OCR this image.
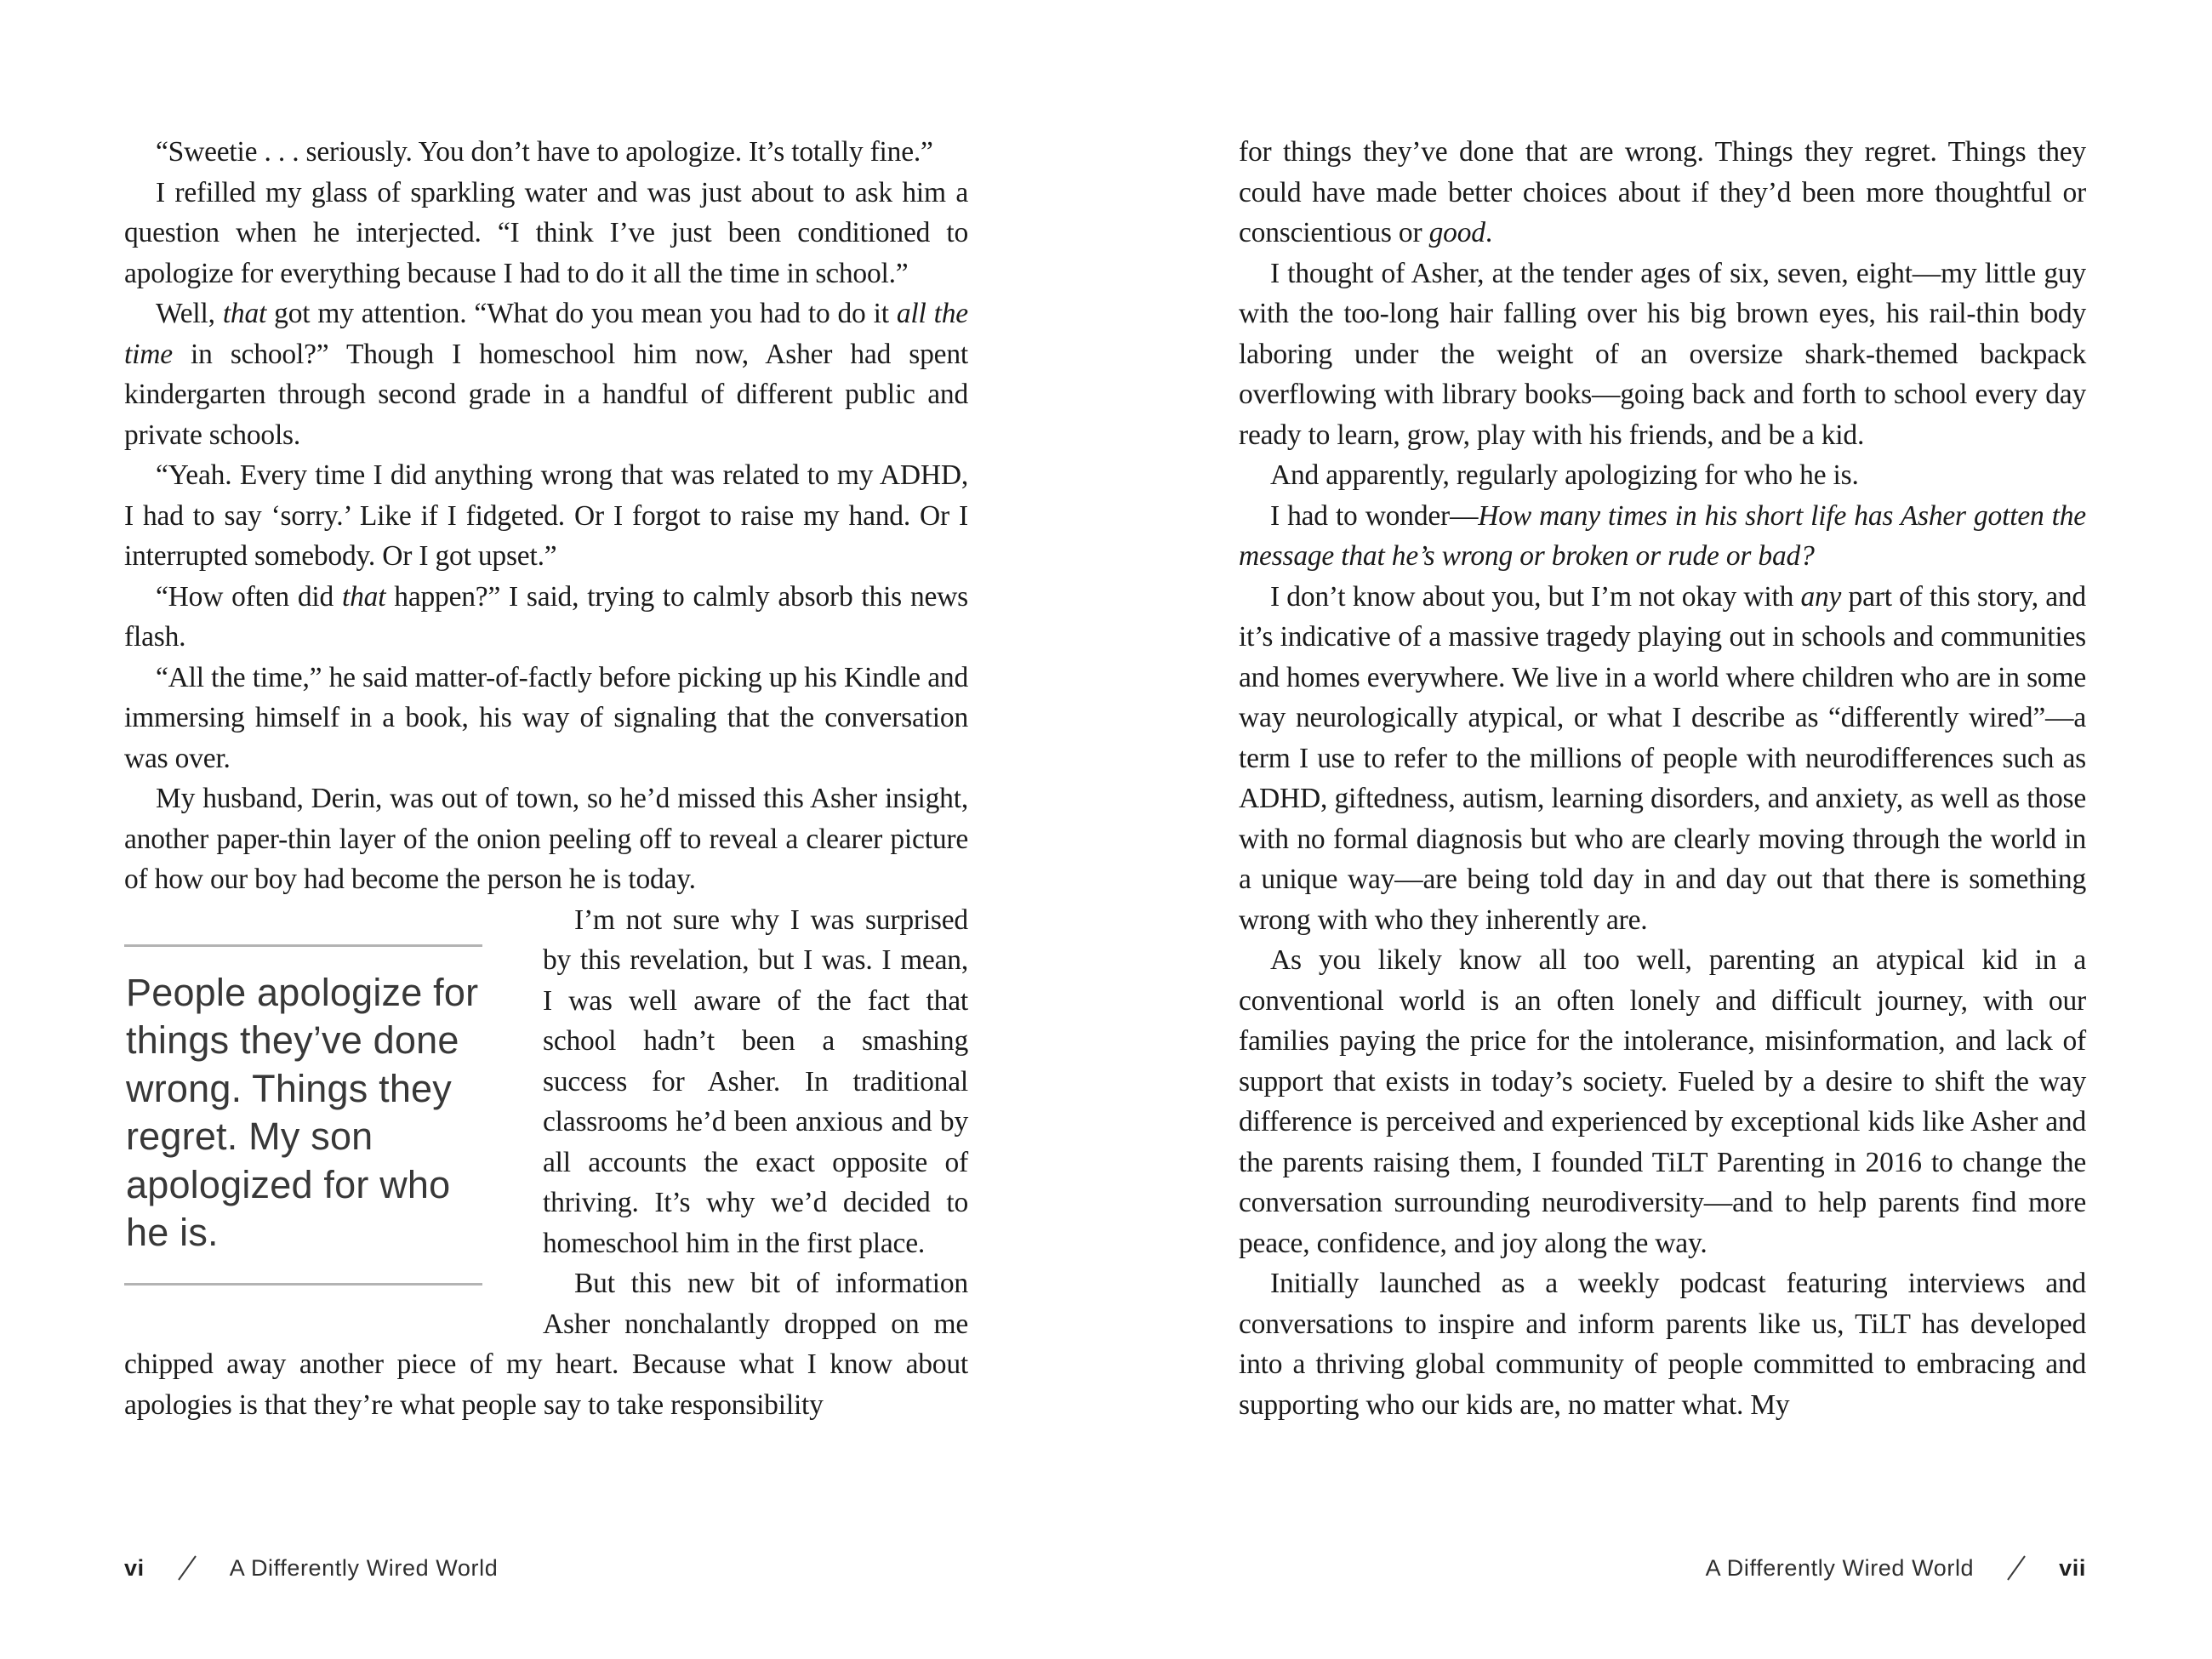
“Sweetie . . . seriously. You don’t have to apologize. It’s totally fine.”

I refilled my glass of sparkling water and was just about to ask him a question when he interjected. “I think I’ve just been conditioned to apologize for everything because I had to do it all the time in school.”

Well, that got my attention. “What do you mean you had to do it all the time in school?” Though I homeschool him now, Asher had spent kindergarten through second grade in a handful of different public and private schools.

“Yeah. Every time I did anything wrong that was related to my ADHD, I had to say ‘sorry.’ Like if I fidgeted. Or I forgot to raise my hand. Or I interrupted somebody. Or I got upset.”

“How often did that happen?” I said, trying to calmly absorb this news flash.

“All the time,” he said matter-of-factly before picking up his Kindle and immersing himself in a book, his way of signaling that the conversation was over.

My husband, Derin, was out of town, so he’d missed this Asher insight, another paper-thin layer of the onion peeling off to reveal a clearer picture of how our boy had become the person he is today.

People apologize for things they’ve done wrong. Things they regret. My son apologized for who he is.
I’m not sure why I was surprised by this revelation, but I was. I mean, I was well aware of the fact that school hadn’t been a smashing success for Asher. In traditional classrooms he’d been anxious and by all accounts the exact opposite of thriving. It’s why we’d decided to homeschool him in the first place.

But this new bit of information Asher nonchalantly dropped on me chipped away another piece of my heart. Because what I know about apologies is that they’re what people say to take responsibility

for things they’ve done that are wrong. Things they regret. Things they could have made better choices about if they’d been more thoughtful or conscientious or good.

I thought of Asher, at the tender ages of six, seven, eight—my little guy with the too-long hair falling over his big brown eyes, his rail-thin body laboring under the weight of an oversize shark-themed backpack overflowing with library books—going back and forth to school every day ready to learn, grow, play with his friends, and be a kid.

And apparently, regularly apologizing for who he is.

I had to wonder—How many times in his short life has Asher gotten the message that he’s wrong or broken or rude or bad?

I don’t know about you, but I’m not okay with any part of this story, and it’s indicative of a massive tragedy playing out in schools and communities and homes everywhere. We live in a world where children who are in some way neurologically atypical, or what I describe as “differently wired”—a term I use to refer to the millions of people with neurodifferences such as ADHD, giftedness, autism, learning disorders, and anxiety, as well as those with no formal diagnosis but who are clearly moving through the world in a unique way—are being told day in and day out that there is something wrong with who they inherently are.

As you likely know all too well, parenting an atypical kid in a conventional world is an often lonely and difficult journey, with our families paying the price for the intolerance, misinformation, and lack of support that exists in today’s society. Fueled by a desire to shift the way difference is perceived and experienced by exceptional kids like Asher and the parents raising them, I founded TiLT Parenting in 2016 to change the conversation surrounding neurodiversity—and to help parents find more peace, confidence, and joy along the way.

Initially launched as a weekly podcast featuring interviews and conversations to inspire and inform parents like us, TiLT has developed into a thriving global community of people committed to embracing and supporting who our kids are, no matter what. My

vi	A Differently Wired World	A Differently Wired World	vii
